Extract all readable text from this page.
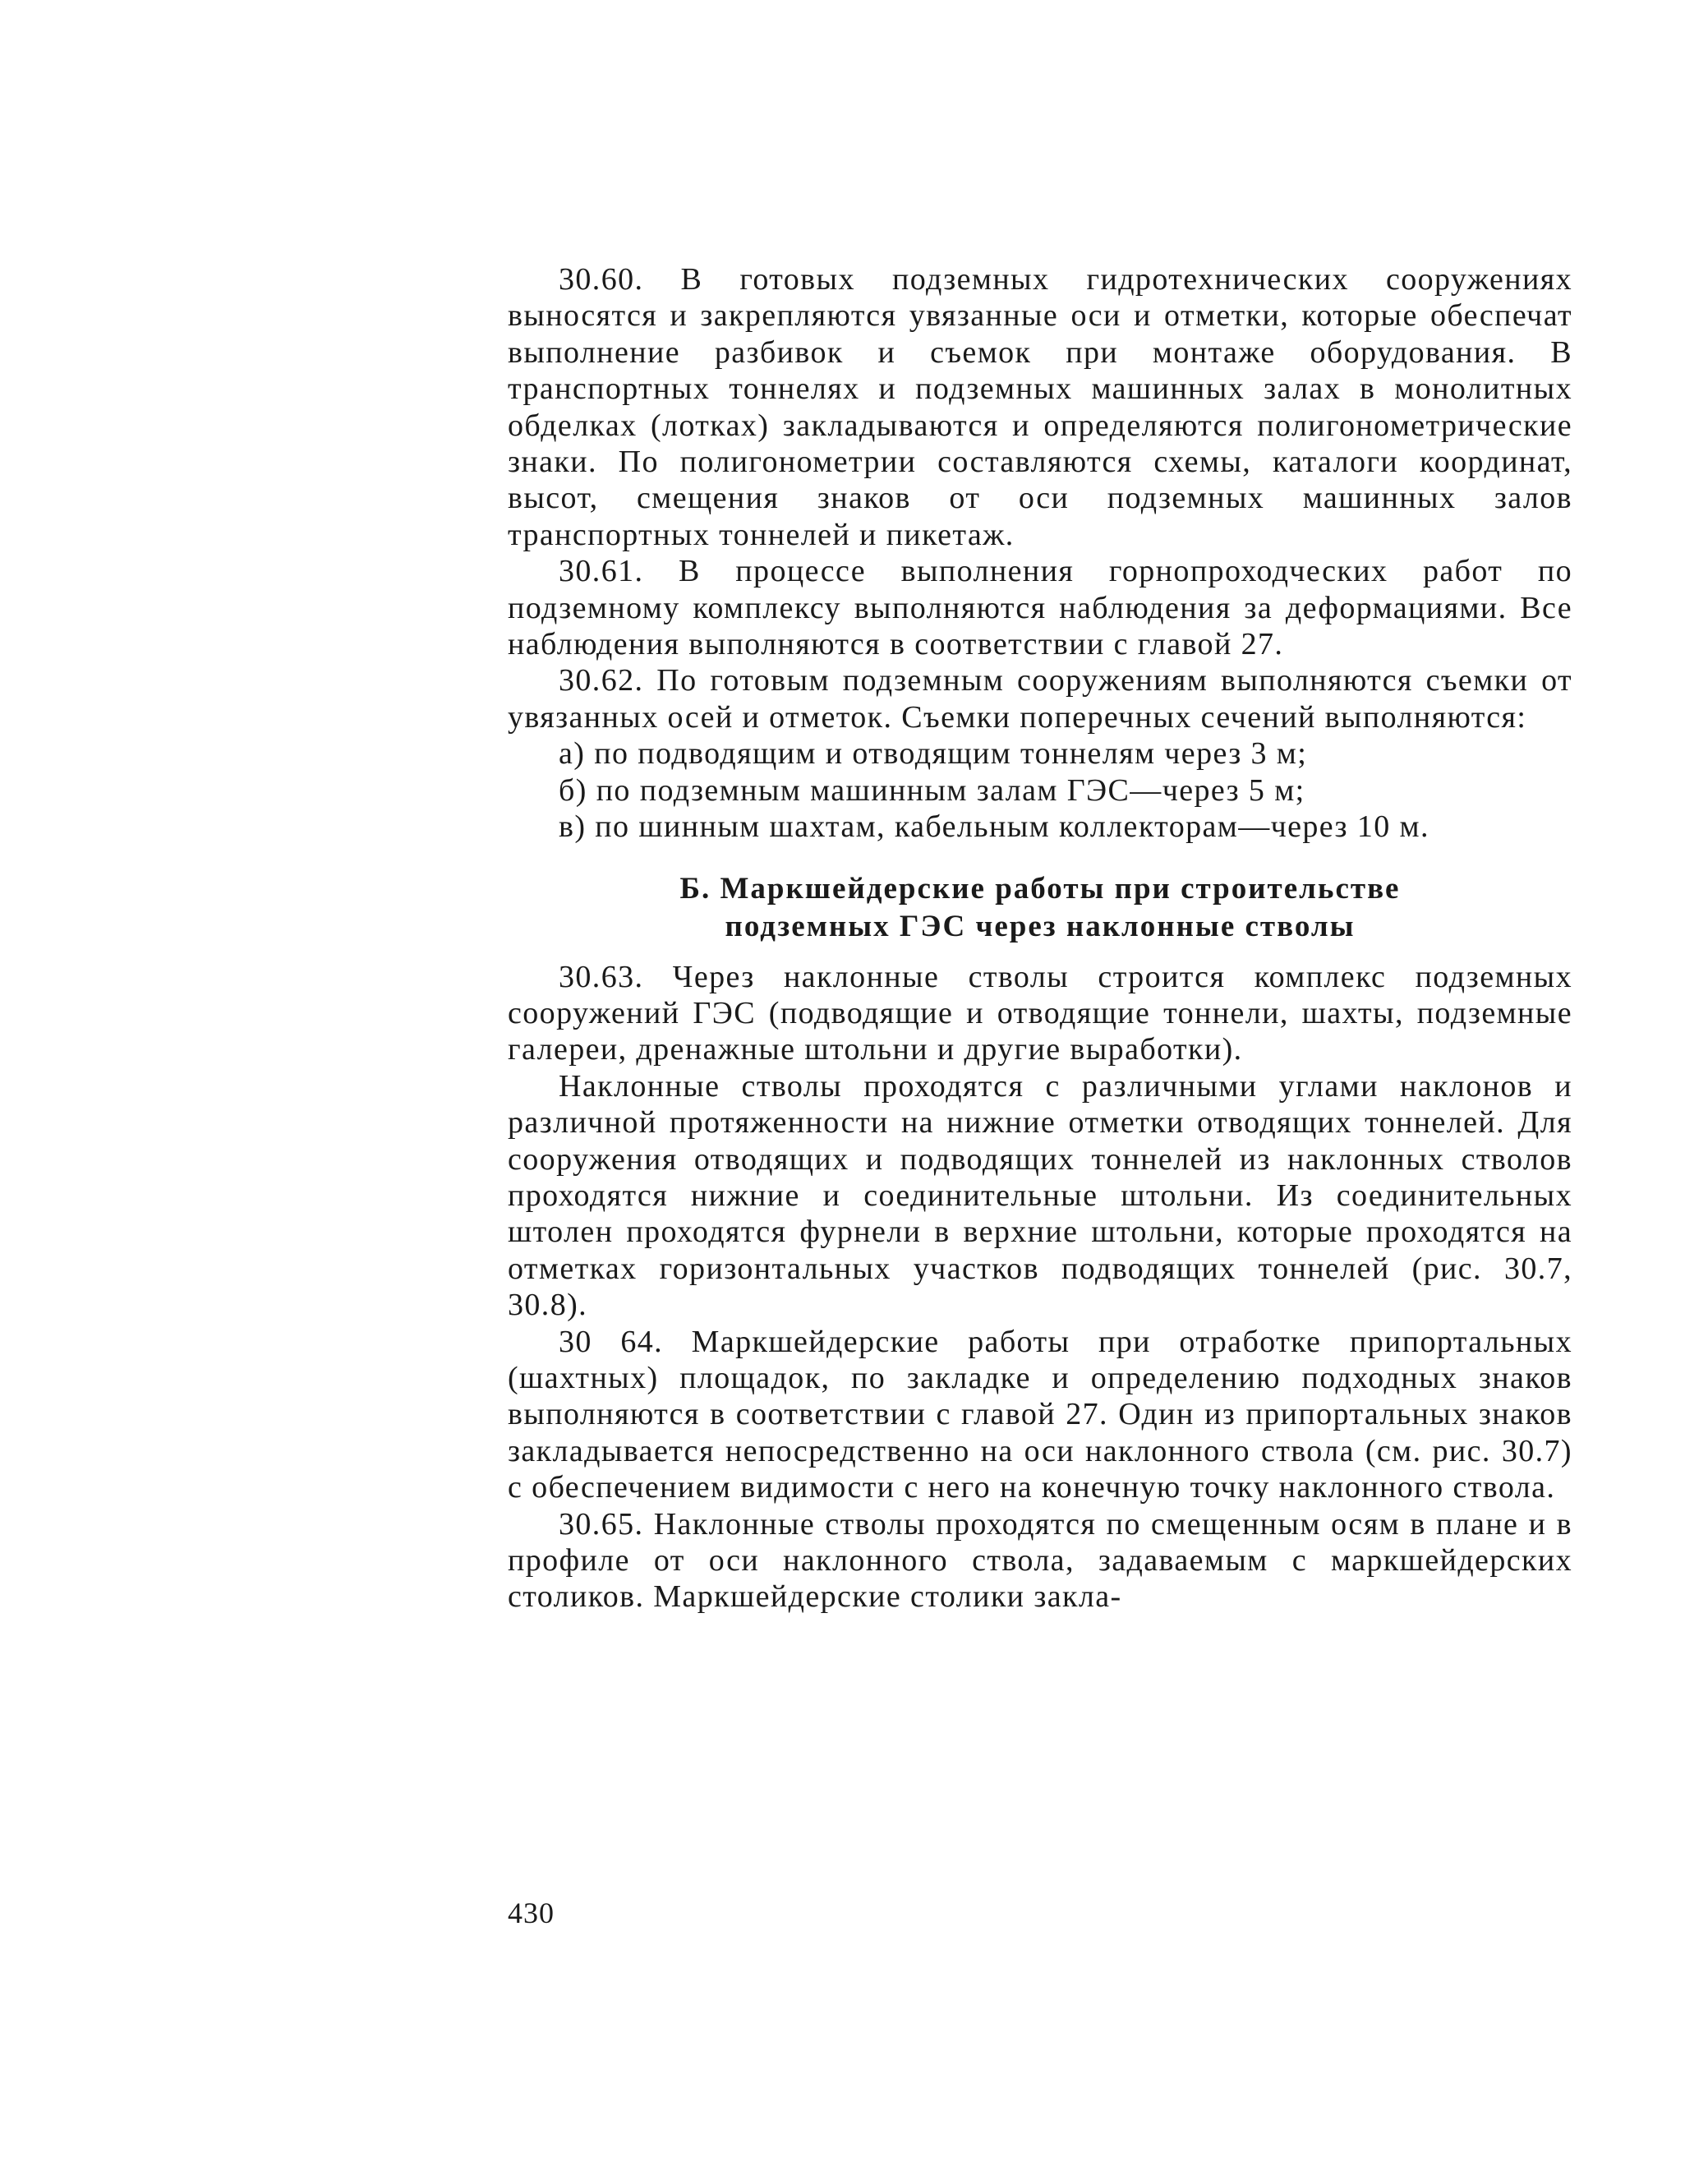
30.60. В готовых подземных гидротехнических сооружениях выносятся и закрепляются увязанные оси и отметки, которые обеспечат выполнение разбивок и съемок при монтаже оборудования. В транспортных тоннелях и подземных машинных залах в монолитных обделках (лотках) закладываются и определяются полигонометрические знаки. По полигонометрии составляются схемы, каталоги координат, высот, смещения знаков от оси подземных машинных залов транспортных тоннелей и пикетаж.

30.61. В процессе выполнения горнопроходческих работ по подземному комплексу выполняются наблюдения за деформациями. Все наблюдения выполняются в соответствии с главой 27.

30.62. По готовым подземным сооружениям выполняются съемки от увязанных осей и отметок. Съемки поперечных сечений выполняются:

а) по подводящим и отводящим тоннелям через 3 м;

б) по подземным машинным залам ГЭС—через 5 м;

в) по шинным шахтам, кабельным коллекторам—через 10 м.

Б. Маркшейдерские работы при строительстве
подземных ГЭС через наклонные стволы

30.63. Через наклонные стволы строится комплекс подземных сооружений ГЭС (подводящие и отводящие тоннели, шахты, подземные галереи, дренажные штольни и другие выработки).

Наклонные стволы проходятся с различными углами наклонов и различной протяженности на нижние отметки отводящих тоннелей. Для сооружения отводящих и подводящих тоннелей из наклонных стволов проходятся нижние и соединительные штольни. Из соединительных штолен проходятся фурнели в верхние штольни, которые проходятся на отметках горизонтальных участков подводящих тоннелей (рис. 30.7, 30.8).

30 64. Маркшейдерские работы при отработке припортальных (шахтных) площадок, по закладке и определению подходных знаков выполняются в соответствии с главой 27. Один из припортальных знаков закладывается непосредственно на оси наклонного ствола (см. рис. 30.7) с обеспечением видимости с него на конечную точку наклонного ствола.

30.65. Наклонные стволы проходятся по смещенным осям в плане и в профиле от оси наклонного ствола, задаваемым с маркшейдерских столиков. Маркшейдерские столики закла-

430
